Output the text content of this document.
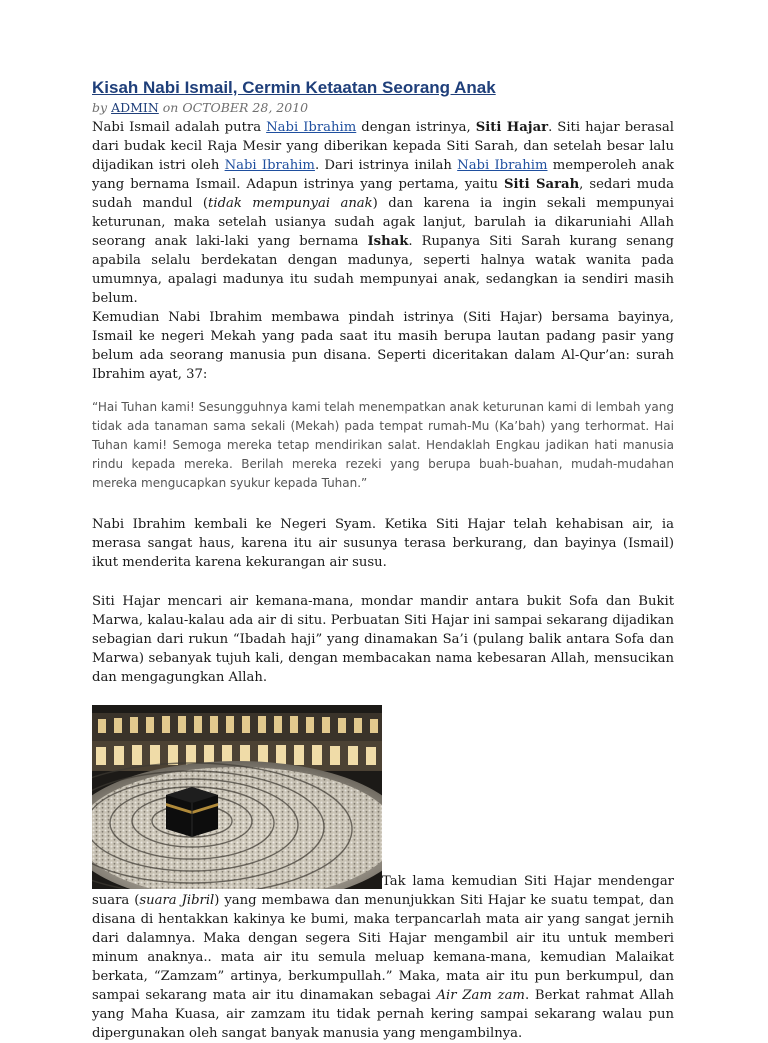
Kisah Nabi Ismail, Cermin Ketaatan Seorang Anak
by ADMIN on OCTOBER 28, 2010

Nabi Ismail adalah putra Nabi Ibrahim dengan istrinya, Siti Hajar. Siti hajar berasal dari budak kecil Raja Mesir yang diberikan kepada Siti Sarah, dan setelah besar lalu dijadikan istri oleh Nabi Ibrahim. Dari istrinya inilah Nabi Ibrahim memperoleh anak yang bernama Ismail. Adapun istrinya yang pertama, yaitu Siti Sarah, sedari muda sudah mandul (tidak mempunyai anak) dan karena ia ingin sekali mempunyai keturunan, maka setelah usianya sudah agak lanjut, barulah ia dikaruniahi Allah seorang anak laki-laki yang bernama Ishak. Rupanya Siti Sarah kurang senang apabila selalu berdekatan dengan madunya, seperti halnya watak wanita pada umumnya, apalagi madunya itu sudah mempunyai anak, sedangkan ia sendiri masih belum.

Kemudian Nabi Ibrahim membawa pindah istrinya (Siti Hajar) bersama bayinya, Ismail ke negeri Mekah yang pada saat itu masih berupa lautan padang pasir yang belum ada seorang manusia pun disana. Seperti diceritakan dalam Al-Qur’an: surah Ibrahim ayat, 37:

“Hai Tuhan kami! Sesungguhnya kami telah menempatkan anak keturunan kami di lembah yang tidak ada tanaman sama sekali (Mekah) pada tempat rumah-Mu (Ka’bah) yang terhormat. Hai Tuhan kami! Semoga mereka tetap mendirikan salat. Hendaklah Engkau jadikan hati manusia rindu kepada mereka. Berilah mereka rezeki yang berupa buah-buahan, mudah-mudahan mereka mengucapkan syukur kepada Tuhan.”

Nabi Ibrahim kembali ke Negeri Syam. Ketika Siti Hajar telah kehabisan air, ia merasa sangat haus, karena itu air susunya terasa berkurang, dan bayinya (Ismail) ikut menderita karena kekurangan air susu.

Siti Hajar mencari air kemana-mana, mondar mandir antara bukit Sofa dan Bukit Marwa, kalau-kalau ada air di situ. Perbuatan Siti Hajar ini sampai sekarang dijadikan sebagian dari rukun “Ibadah haji” yang dinamakan Sa’i (pulang balik antara Sofa dan Marwa) sebanyak tujuh kali, dengan membacakan nama kebesaran Allah, mensucikan dan mengagungkan Allah.

Tak lama kemudian Siti Hajar mendengar suara (suara Jibril) yang membawa dan menunjukkan Siti Hajar ke suatu tempat, dan disana di hentakkan kakinya ke bumi, maka terpancarlah mata air yang sangat jernih dari dalamnya. Maka dengan segera Siti Hajar mengambil air itu untuk memberi minum anaknya.. mata air itu semula meluap kemana-mana, kemudian Malaikat berkata, “Zamzam” artinya, berkumpullah.” Maka, mata air itu pun berkumpul, dan sampai sekarang mata air itu dinamakan sebagai Air Zam zam. Berkat rahmat Allah yang Maha Kuasa, air zamzam itu tidak pernah kering sampai sekarang walau pun dipergunakan oleh sangat banyak manusia yang mengambilnya.
